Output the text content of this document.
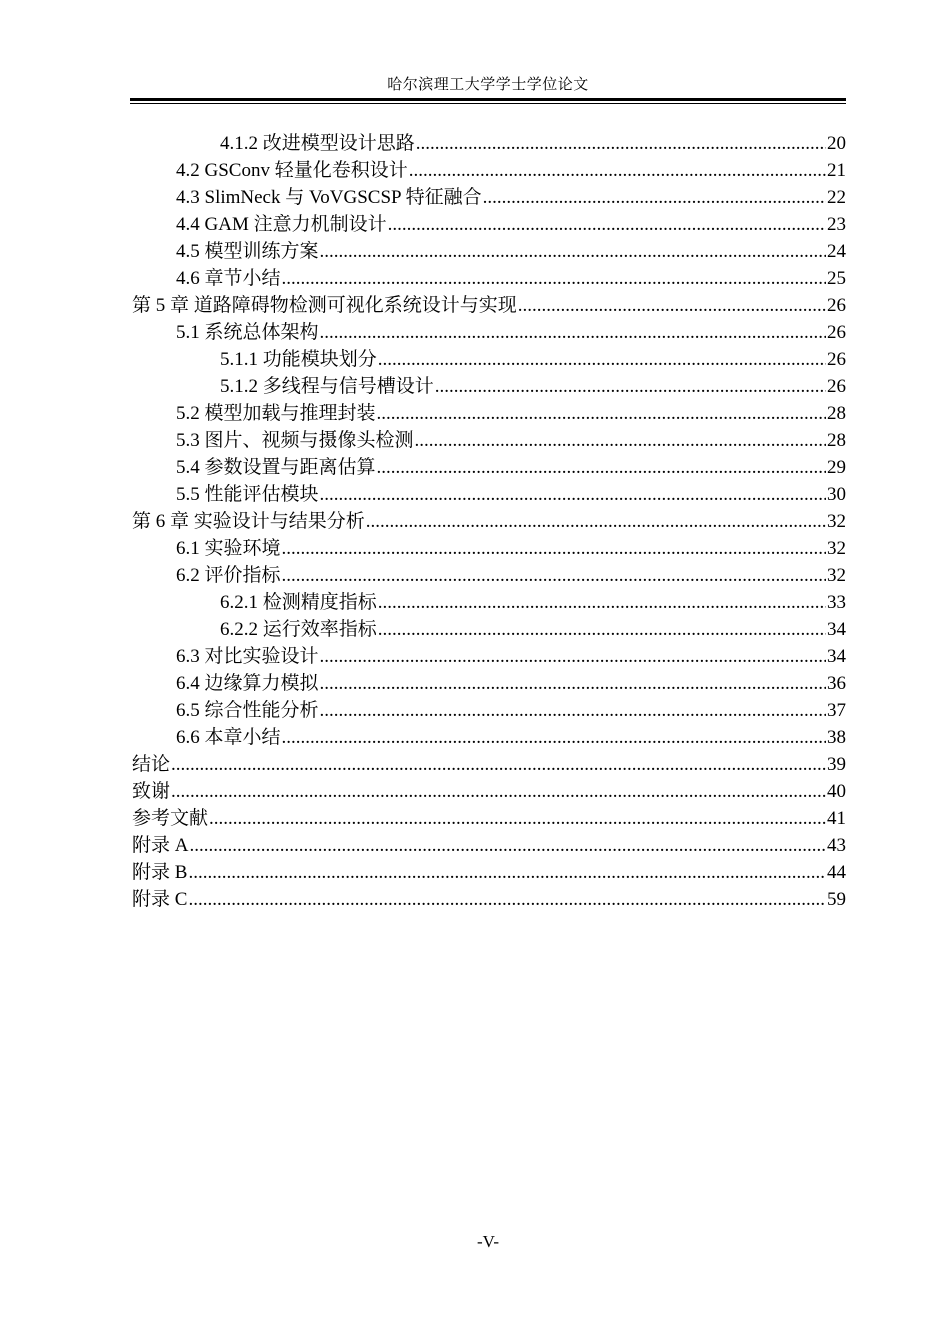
哈尔滨理工大学学士学位论文
4.1.2 改进模型设计思路 .....	20
4.2 GSConv 轻量化卷积设计 .....	21
4.3 SlimNeck 与 VoVGSCSP 特征融合 .....	22
4.4 GAM 注意力机制设计 .....	23
4.5 模型训练方案 .....	24
4.6 章节小结 .....	25
第 5 章 道路障碍物检测可视化系统设计与实现 .....	26
5.1 系统总体架构 .....	26
5.1.1 功能模块划分 .....	26
5.1.2 多线程与信号槽设计 .....	26
5.2 模型加载与推理封装 .....	28
5.3 图片、视频与摄像头检测 .....	28
5.4 参数设置与距离估算 .....	29
5.5 性能评估模块 .....	30
第 6 章 实验设计与结果分析 .....	32
6.1 实验环境 .....	32
6.2 评价指标 .....	32
6.2.1 检测精度指标 .....	33
6.2.2 运行效率指标 .....	34
6.3 对比实验设计 .....	34
6.4 边缘算力模拟 .....	36
6.5 综合性能分析 .....	37
6.6 本章小结 .....	38
结论 .....	39
致谢 .....	40
参考文献 .....	41
附录 A .....	43
附录 B .....	44
附录 C .....	59
-V-
